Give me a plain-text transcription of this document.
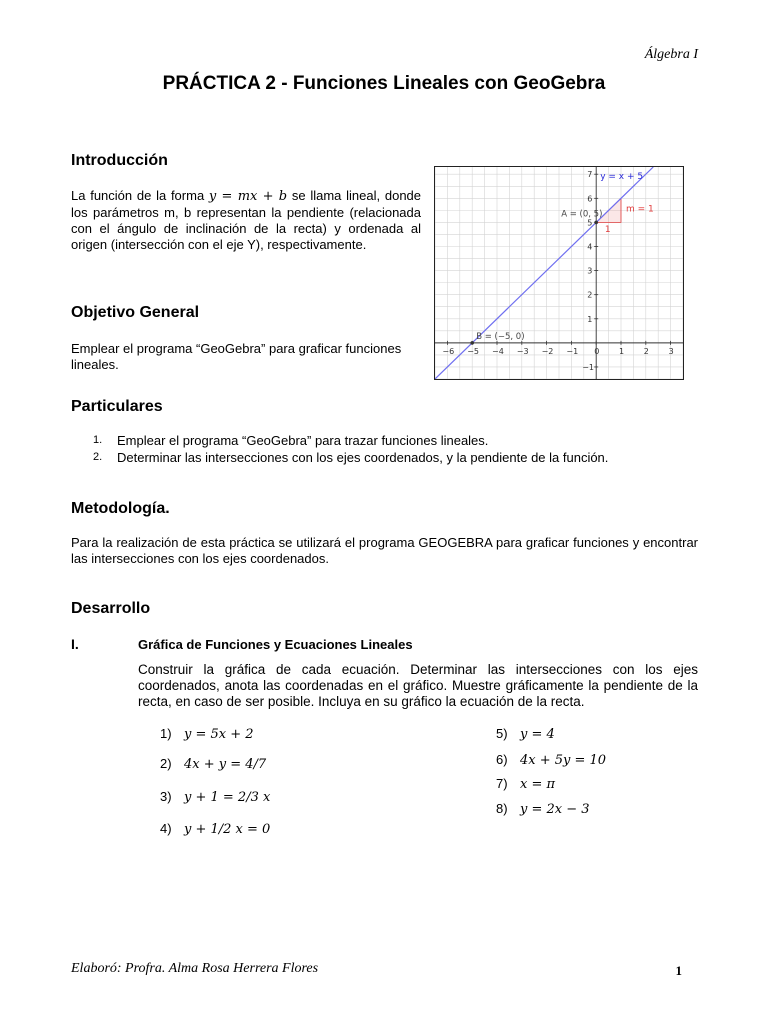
Álgebra I
PRÁCTICA 2 - Funciones Lineales con GeoGebra
Introducción
La función de la forma y = mx + b se llama lineal, donde los parámetros m, b representan la pendiente (relacionada con el ángulo de inclinación de la recta) y ordenada al origen (intersección con el eje Y), respectivamente.
−6 −5 −4 −3 −2 −1 0 1 2 3
−1
1
2
3
4
5
6
7 y = x + 5
m = 1
1
A = (0, 5)
B = (−5, 0)
Objetivo General
Emplear el programa “GeoGebra” para graficar funciones lineales.
Particulares
1. Emplear el programa “GeoGebra” para trazar funciones lineales.
2. Determinar las intersecciones con los ejes coordenados, y la pendiente de la función.
Metodología.
Para la realización de esta práctica se utilizará el programa GEOGEBRA para graficar funciones y encontrar las intersecciones con los ejes coordenados.
Desarrollo
I.	Gráfica de Funciones y Ecuaciones Lineales
Construir la gráfica de cada ecuación. Determinar las intersecciones con los ejes coordenados, anota las coordenadas en el gráfico. Muestre gráficamente la pendiente de la recta, en caso de ser posible. Incluya en su gráfico la ecuación de la recta.
1) y = 5x + 2
2) 4x + y = 4/7
3) y + 1 = 2/3 x
4) y + 1/2 x = 0
5) y = 4
6) 4x + 5y = 10
7) x = π
8) y = 2x − 3
Elaboró: Profra. Alma Rosa Herrera Flores	1
